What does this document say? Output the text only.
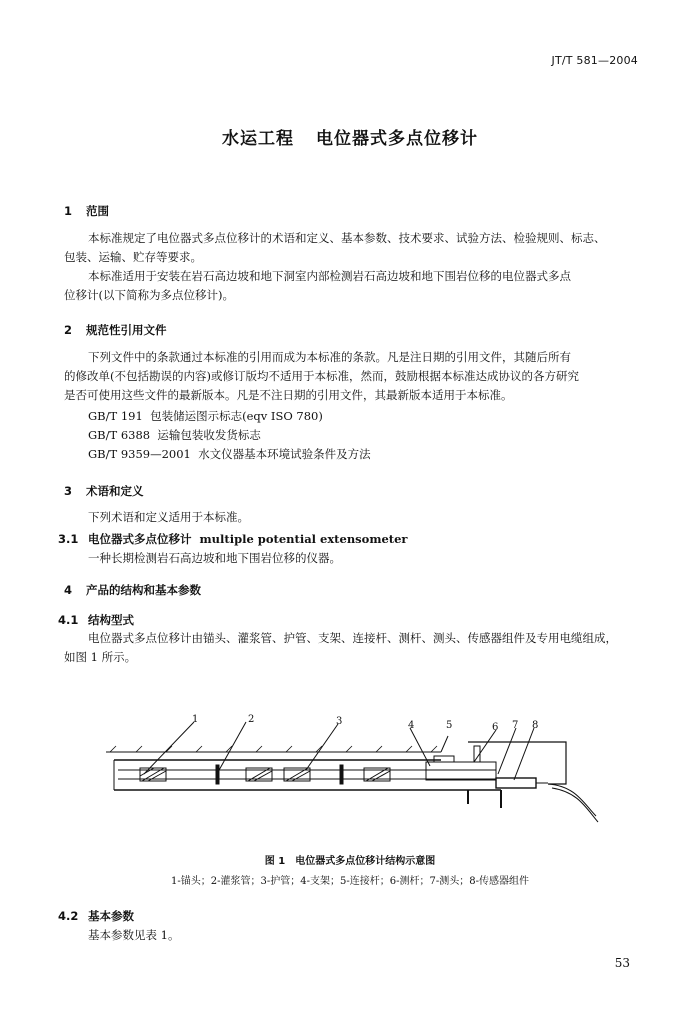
JT/T 581—2004
水运工程 电位器式多点位移计
1 范围
本标准规定了电位器式多点位移计的术语和定义、基本参数、技术要求、试验方法、检验规则、标志、
包装、运输、贮存等要求。
本标准适用于安装在岩石高边坡和地下洞室内部检测岩石高边坡和地下围岩位移的电位器式多点
位移计(以下简称为多点位移计)。
2 规范性引用文件
下列文件中的条款通过本标准的引用而成为本标准的条款。凡是注日期的引用文件，其随后所有
的修改单(不包括勘误的内容)或修订版均不适用于本标准，然而，鼓励根据本标准达成协议的各方研究
是否可使用这些文件的最新版本。凡是不注日期的引用文件，其最新版本适用于本标准。
GB/T 191 包装储运图示标志(eqv ISO 780)
GB/T 6388 运输包装收发货标志
GB/T 9359—2001 水文仪器基本环境试验条件及方法
3 术语和定义
下列术语和定义适用于本标准。
3.1 电位器式多点位移计 multiple potential extensometer
一种长期检测岩石高边坡和地下围岩位移的仪器。
4 产品的结构和基本参数
4.1 结构型式
电位器式多点位移计由锚头、灌浆管、护管、支架、连接杆、测杆、测头、传感器组件及专用电缆组成，
如图 1 所示。
1	2	3	4	5	6 7 8
图 1　电位器式多点位移计结构示意图
1-锚头；2-灌浆管；3-护管；4-支架；5-连接杆；6-测杆；7-测头；8-传感器组件
4.2 基本参数
基本参数见表 1。
53
